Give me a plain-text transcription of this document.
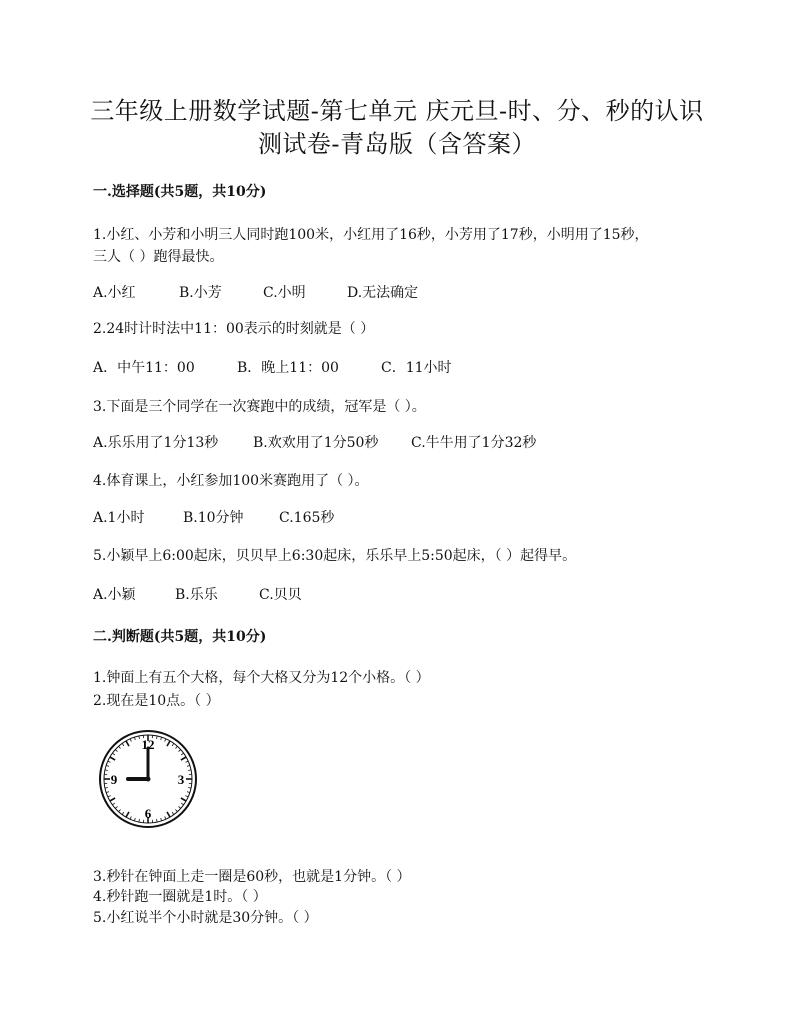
三年级上册数学试题-第七单元 庆元旦-时、分、秒的认识
测试卷-青岛版（含答案）
一.选择题(共5题，共10分)
1.小红、小芳和小明三人同时跑100米，小红用了16秒，小芳用了17秒，小明用了15秒，
三人（ ）跑得最快。
A.小红	B.小芳	C.小明	D.无法确定
2.24时计时法中11：00表示的时刻就是（ ）
A．中午11：00	B．晚上11：00	C．11小时
3.下面是三个同学在一次赛跑中的成绩，冠军是（ ）。
A.乐乐用了1分13秒 B.欢欢用了1分50秒 C.牛牛用了1分32秒
4.体育课上，小红参加100米赛跑用了（ ）。
A.1小时	B.10分钟	C.165秒
5.小颖早上6:00起床，贝贝早上6:30起床，乐乐早上5:50起床，（ ）起得早。
A.小颖	B.乐乐	C.贝贝
二.判断题(共5题，共10分)
1.钟面上有五个大格，每个大格又分为12个小格。（ ）
2.现在是10点。（ ）
12
3
6
9
3.秒针在钟面上走一圈是60秒，也就是1分钟。（ ）
4.秒针跑一圈就是1时。（ ）
5.小红说半个小时就是30分钟。（ ）
